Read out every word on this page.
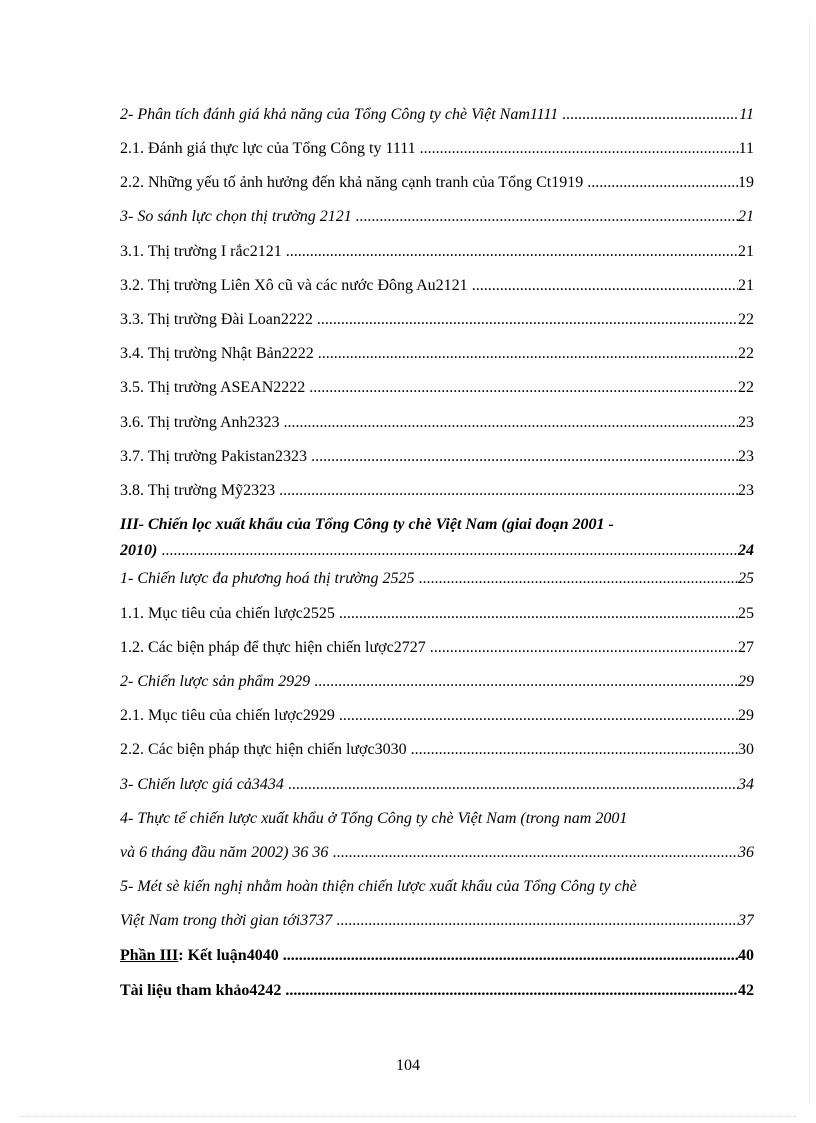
2- Phân tích đánh giá khả năng của Tổng Công ty chè Việt Nam1111 .....	11
2.1. Đánh giá thực lực của Tổng Công ty 1111 .....	11
2.2. Những yếu tố ảnh hưởng đến khả năng cạnh tranh của Tổng Ct1919 .....	19
3- So sánh lực chọn thị trường 2121 .....	21
3.1. Thị trường I rắc2121 .....	21
3.2. Thị trường Liên Xô cũ và các nước Đông Au2121 .....	21
3.3. Thị trường Đài Loan2222 .....	22
3.4. Thị trường Nhật Bản2222 .....	22
3.5. Thị trường ASEAN2222 .....	22
3.6. Thị trường Anh2323 .....	23
3.7. Thị trường Pakistan2323 .....	23
3.8. Thị trường Mỹ2323 .....	23
III- Chiến lọc xuất khẩu của Tổng Công ty chè Việt Nam (giai đoạn 2001 -
2010) .....	24
1- Chiến lược đa phương hoá thị trường 2525 .....	25
1.1. Mục tiêu của chiến lược2525 .....	25
1.2. Các biện pháp để thực hiện chiến lược2727 .....	27
2- Chiến lược sản phẩm 2929 .....	29
2.1. Mục tiêu của chiến lược2929 .....	29
2.2. Các biện pháp thực hiện chiến lược3030 .....	30
3- Chiến lược giá cả3434 .....	34
4- Thực tế chiến lược xuất khẩu ở Tổng Công ty chè Việt Nam (trong nam 2001
và 6 tháng đầu năm 2002) 36 36 .....	36
5- Mét sè kiến nghị nhằm hoàn thiện chiến lược xuất khẩu của Tổng Công ty chè
Việt Nam trong thời gian tới3737 .....	37
Phần III: Kết luận4040 .....	40
Tài liệu tham khảo4242 .....	42
104
